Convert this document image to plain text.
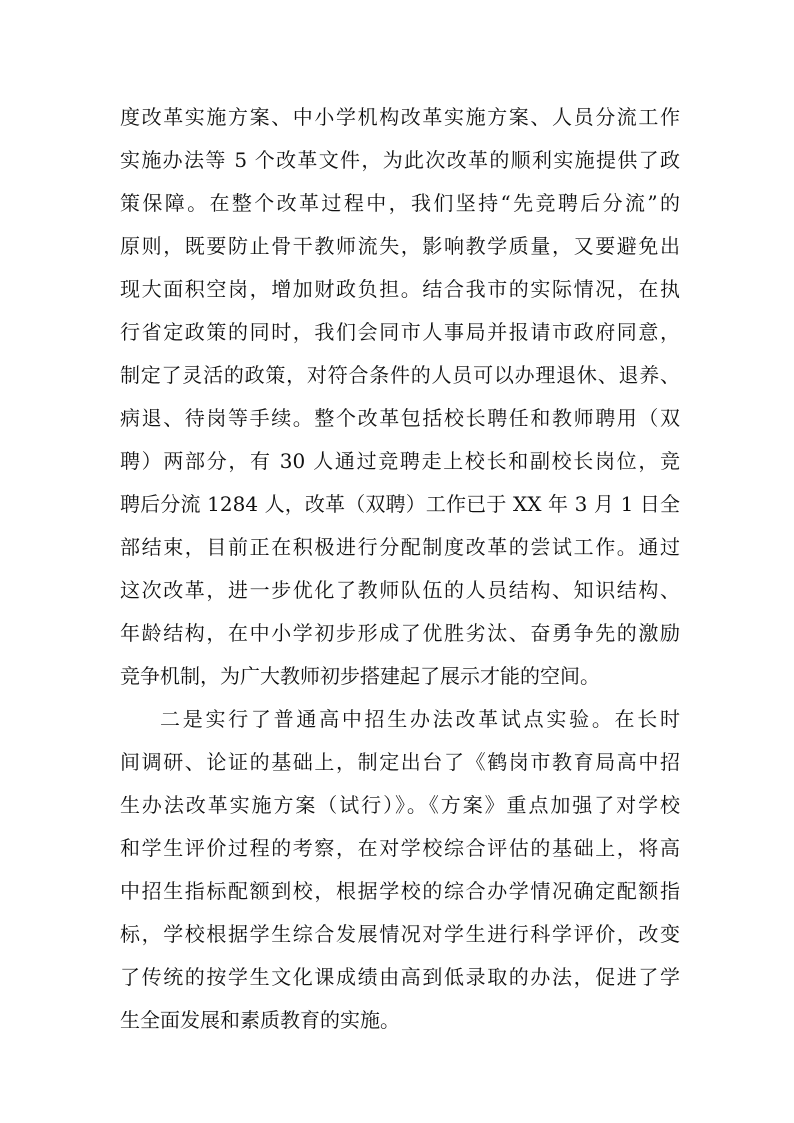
度改革实施方案、中小学机构改革实施方案、人员分流工作
实施办法等 5 个改革文件，为此次改革的顺利实施提供了政
策保障。在整个改革过程中，我们坚持“先竞聘后分流”的
原则，既要防止骨干教师流失，影响教学质量，又要避免出
现大面积空岗，增加财政负担。结合我市的实际情况，在执
行省定政策的同时，我们会同市人事局并报请市政府同意，
制定了灵活的政策，对符合条件的人员可以办理退休、退养、
病退、待岗等手续。整个改革包括校长聘任和教师聘用（双
聘）两部分，有 30 人通过竞聘走上校长和副校长岗位，竞
聘后分流 1284 人，改革（双聘）工作已于 XX 年 3 月 1 日全
部结束，目前正在积极进行分配制度改革的尝试工作。通过
这次改革，进一步优化了教师队伍的人员结构、知识结构、
年龄结构，在中小学初步形成了优胜劣汰、奋勇争先的激励
竞争机制，为广大教师初步搭建起了展示才能的空间。
二是实行了普通高中招生办法改革试点实验。在长时
间调研、论证的基础上，制定出台了《鹤岗市教育局高中招
生办法改革实施方案（试行）》。《方案》重点加强了对学校
和学生评价过程的考察，在对学校综合评估的基础上，将高
中招生指标配额到校，根据学校的综合办学情况确定配额指
标，学校根据学生综合发展情况对学生进行科学评价，改变
了传统的按学生文化课成绩由高到低录取的办法，促进了学
生全面发展和素质教育的实施。
